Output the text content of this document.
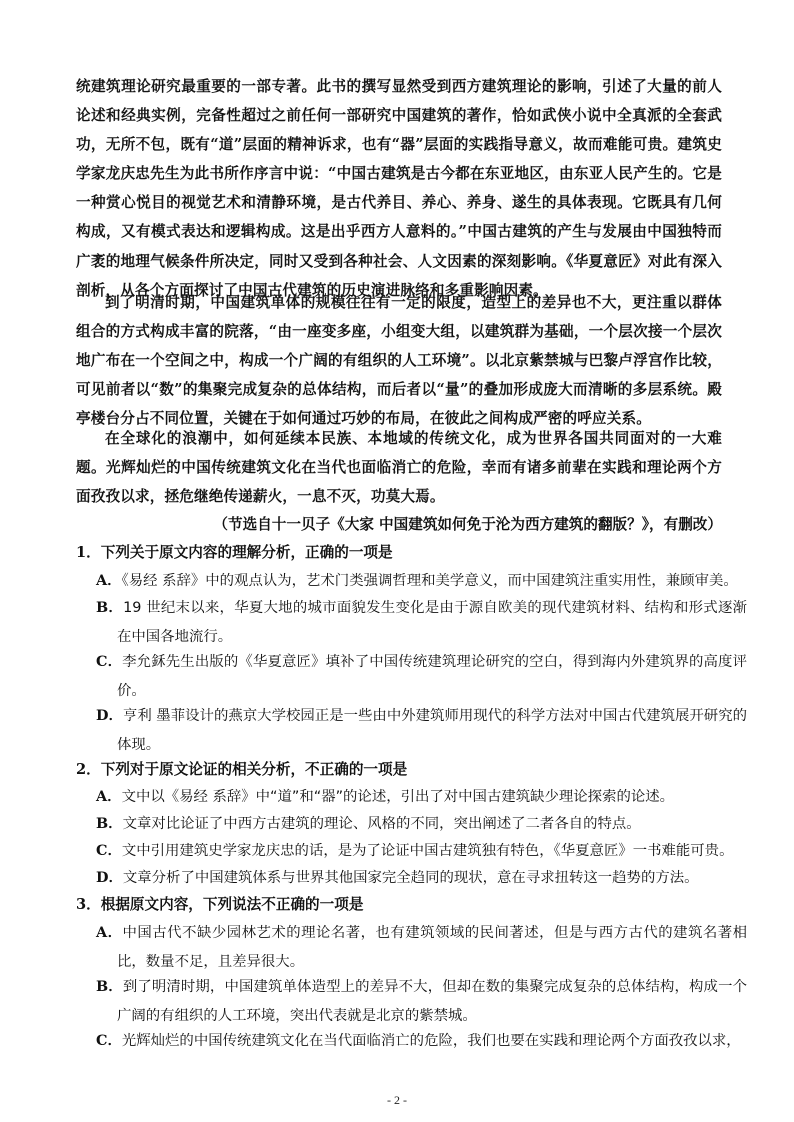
统建筑理论研究最重要的一部专著。此书的撰写显然受到西方建筑理论的影响，引述了大量的前人论述和经典实例，完备性超过之前任何一部研究中国建筑的著作，恰如武侠小说中全真派的全套武功，无所不包，既有“道”层面的精神诉求，也有“器”层面的实践指导意义，故而难能可贵。建筑史学家龙庆忠先生为此书所作序言中说：“中国古建筑是古今都在东亚地区，由东亚人民产生的。它是一种赏心悦目的视觉艺术和清静环境，是古代养目、养心、养身、遂生的具体表现。它既具有几何构成，又有模式表达和逻辑构成。这是出乎西方人意料的。”中国古建筑的产生与发展由中国独特而广袤的地理气候条件所决定，同时又受到各种社会、人文因素的深刻影响。《华夏意匠》对此有深入剖析，从各个方面探讨了中国古代建筑的历史演进脉络和多重影响因素。
到了明清时期，中国建筑单体的规模往往有一定的限度，造型上的差异也不大，更注重以群体组合的方式构成丰富的院落，“由一座变多座，小组变大组，以建筑群为基础，一个层次接一个层次地广布在一个空间之中，构成一个广阔的有组织的人工环境”。以北京紫禁城与巴黎卢浮宫作比较，可见前者以“数”的集聚完成复杂的总体结构，而后者以“量”的叠加形成庞大而清晰的多层系统。殿亭楼台分占不同位置，关键在于如何通过巧妙的布局，在彼此之间构成严密的呼应关系。
在全球化的浪潮中，如何延续本民族、本地域的传统文化，成为世界各国共同面对的一大难题。光辉灿烂的中国传统建筑文化在当代也面临消亡的危险，幸而有诸多前辈在实践和理论两个方面孜孜以求，拯危继绝传递薪火，一息不灭，功莫大焉。
（节选自十一贝子《大家 中国建筑如何免于沦为西方建筑的翻版？》，有删改）
1．下列关于原文内容的理解分析，正确的一项是
A．《易经 系辞》中的观点认为，艺术门类强调哲理和美学意义，而中国建筑注重实用性，兼顾审美。
B．19 世纪末以来，华夏大地的城市面貌发生变化是由于源自欧美的现代建筑材料、结构和形式逐渐在中国各地流行。
C．李允鉌先生出版的《华夏意匠》填补了中国传统建筑理论研究的空白，得到海内外建筑界的高度评价。
D．亨利 墨菲设计的燕京大学校园正是一些由中外建筑师用现代的科学方法对中国古代建筑展开研究的体现。
2．下列对于原文论证的相关分析，不正确的一项是
A．文中以《易经 系辞》中“道”和“器”的论述，引出了对中国古建筑缺少理论探索的论述。
B．文章对比论证了中西方古建筑的理论、风格的不同，突出阐述了二者各自的特点。
C．文中引用建筑史学家龙庆忠的话，是为了论证中国古建筑独有特色，《华夏意匠》一书难能可贵。
D．文章分析了中国建筑体系与世界其他国家完全趋同的现状，意在寻求扭转这一趋势的方法。
3．根据原文内容，下列说法不正确的一项是
A．中国古代不缺少园林艺术的理论名著，也有建筑领域的民间著述，但是与西方古代的建筑名著相比，数量不足，且差异很大。
B．到了明清时期，中国建筑单体造型上的差异不大，但却在数的集聚完成复杂的总体结构，构成一个广阔的有组织的人工环境，突出代表就是北京的紫禁城。
C．光辉灿烂的中国传统建筑文化在当代面临消亡的危险，我们也要在实践和理论两个方面孜孜以求，
- 2 -
